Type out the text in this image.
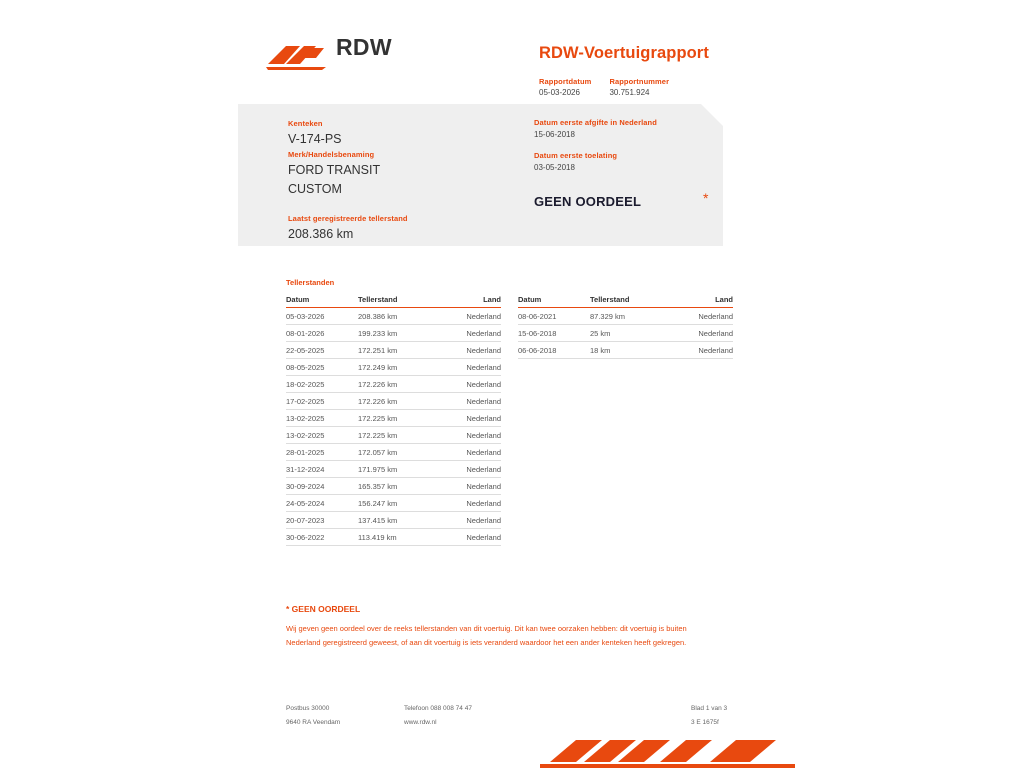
RDW	RDW-Voertuigrapport
Rapportdatum
05-03-2026

Rapportnummer
30.751.924
Kenteken
V-174-PS
Merk/Handelsbenaming
FORD TRANSIT
CUSTOM
Laatst geregistreerde tellerstand
208.386 km
Datum eerste afgifte in Nederland
15-06-2018
Datum eerste toelating
03-05-2018
GEEN OORDEEL	*
Tellerstanden
Datum	Tellerstand	Land
05-03-2026	208.386 km	Nederland
08-01-2026	199.233 km	Nederland
22-05-2025	172.251 km	Nederland
08-05-2025	172.249 km	Nederland
18-02-2025	172.226 km	Nederland
17-02-2025	172.226 km	Nederland
13-02-2025	172.225 km	Nederland
13-02-2025	172.225 km	Nederland
28-01-2025	172.057 km	Nederland
31-12-2024	171.975 km	Nederland
30-09-2024	165.357 km	Nederland
24-05-2024	156.247 km	Nederland
20-07-2023	137.415 km	Nederland
30-06-2022	113.419 km	Nederland
Datum	Tellerstand	Land
08-06-2021	87.329 km	Nederland
15-06-2018	25 km	Nederland
06-06-2018	18 km	Nederland
* GEEN OORDEEL
Wij geven geen oordeel over de reeks tellerstanden van dit voertuig. Dit kan twee oorzaken hebben: dit voertuig is buiten Nederland geregistreerd geweest, of aan dit voertuig is iets veranderd waardoor het een ander kenteken heeft gekregen.
Postbus 30000
9640 RA Veendam
Telefoon 088 008 74 47
www.rdw.nl
Blad 1 van 3
3 E 1675f
